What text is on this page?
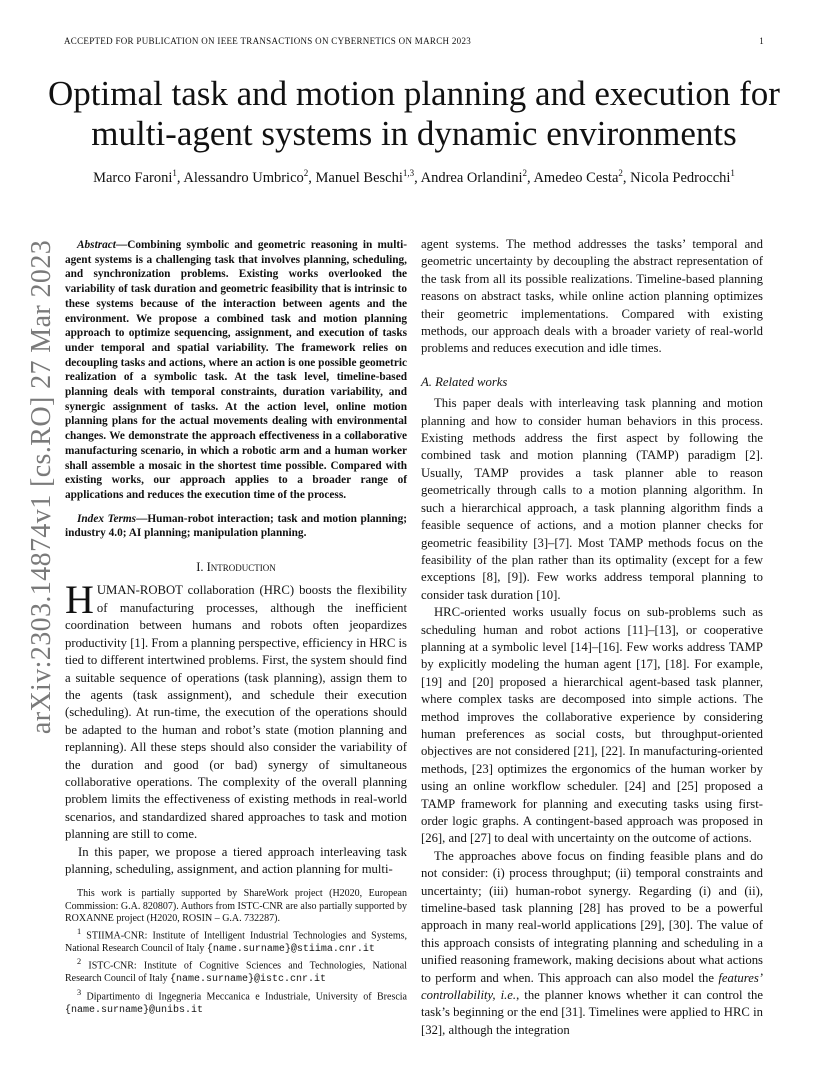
ACCEPTED FOR PUBLICATION ON IEEE TRANSACTIONS ON CYBERNETICS ON MARCH 2023	1
arXiv:2303.14874v1 [cs.RO] 27 Mar 2023
Optimal task and motion planning and execution for multi-agent systems in dynamic environments
Marco Faroni$^1$, Alessandro Umbrico$^2$, Manuel Beschi$^{1,3}$, Andrea Orlandini$^2$, Amedeo Cesta$^2$, Nicola Pedrocchi$^1$

Abstract—Combining symbolic and geometric reasoning in multi-agent systems is a challenging task that involves planning, scheduling, and synchronization problems. Existing works overlooked the variability of task duration and geometric feasibility that is intrinsic to these systems because of the interaction between agents and the environment. We propose a combined task and motion planning approach to optimize sequencing, assignment, and execution of tasks under temporal and spatial variability. The framework relies on decoupling tasks and actions, where an action is one possible geometric realization of a symbolic task. At the task level, timeline-based planning deals with temporal constraints, duration variability, and synergic assignment of tasks. At the action level, online motion planning plans for the actual movements dealing with environmental changes. We demonstrate the approach effectiveness in a collaborative manufacturing scenario, in which a robotic arm and a human worker shall assemble a mosaic in the shortest time possible. Compared with existing works, our approach applies to a broader range of applications and reduces the execution time of the process.

Index Terms—Human-robot interaction; task and motion planning; industry 4.0; AI planning; manipulation planning.

I. Introduction

HUMAN-ROBOT collaboration (HRC) boosts the flexibility of manufacturing processes, although the inefficient coordination between humans and robots often jeopardizes productivity [1]. From a planning perspective, efficiency in HRC is tied to different intertwined problems. First, the system should find a suitable sequence of operations (task planning), assign them to the agents (task assignment), and schedule their execution (scheduling). At run-time, the execution of the operations should be adapted to the human and robot’s state (motion planning and replanning). All these steps should also consider the variability of the duration and good (or bad) synergy of simultaneous collaborative operations. The complexity of the overall planning problem limits the effectiveness of existing methods in real-world scenarios, and standardized shared approaches to task and motion planning are still to come.

In this paper, we propose a tiered approach interleaving task planning, scheduling, assignment, and action planning for multi-

This work is partially supported by ShareWork project (H2020, European Commission: G.A. 820807). Authors from ISTC-CNR are also partially supported by ROXANNE project (H2020, ROSIN – G.A. 732287).

$^1$ STIIMA-CNR: Institute of Intelligent Industrial Technologies and Systems, National Research Council of Italy {name.surname}@stiima.cnr.it

$^2$ ISTC-CNR: Institute of Cognitive Sciences and Technologies, National Research Council of Italy {name.surname}@istc.cnr.it

$^3$ Dipartimento di Ingegneria Meccanica e Industriale, University of Brescia {name.surname}@unibs.it

agent systems. The method addresses the tasks’ temporal and geometric uncertainty by decoupling the abstract representation of the task from all its possible realizations. Timeline-based planning reasons on abstract tasks, while online action planning optimizes their geometric implementations. Compared with existing methods, our approach deals with a broader variety of real-world problems and reduces execution and idle times.

A. Related works

This paper deals with interleaving task planning and motion planning and how to consider human behaviors in this process. Existing methods address the first aspect by following the combined task and motion planning (TAMP) paradigm [2]. Usually, TAMP provides a task planner able to reason geometrically through calls to a motion planning algorithm. In such a hierarchical approach, a task planning algorithm finds a feasible sequence of actions, and a motion planner checks for geometric feasibility [3]–[7]. Most TAMP methods focus on the feasibility of the plan rather than its optimality (except for a few exceptions [8], [9]). Few works address temporal planning to consider task duration [10].

HRC-oriented works usually focus on sub-problems such as scheduling human and robot actions [11]–[13], or cooperative planning at a symbolic level [14]–[16]. Few works address TAMP by explicitly modeling the human agent [17], [18]. For example, [19] and [20] proposed a hierarchical agent-based task planner, where complex tasks are decomposed into simple actions. The method improves the collaborative experience by considering human preferences as social costs, but throughput-oriented objectives are not considered [21], [22]. In manufacturing-oriented methods, [23] optimizes the ergonomics of the human worker by using an online workflow scheduler. [24] and [25] proposed a TAMP framework for planning and executing tasks using first-order logic graphs. A contingent-based approach was proposed in [26], and [27] to deal with uncertainty on the outcome of actions.

The approaches above focus on finding feasible plans and do not consider: (i) process throughput; (ii) temporal constraints and uncertainty; (iii) human-robot synergy. Regarding (i) and (ii), timeline-based task planning [28] has proved to be a powerful approach in many real-world applications [29], [30]. The value of this approach consists of integrating planning and scheduling in a unified reasoning framework, making decisions about what actions to perform and when. This approach can also model the features’ controllability, i.e., the planner knows whether it can control the task’s beginning or the end [31]. Timelines were applied to HRC in [32], although the integration
